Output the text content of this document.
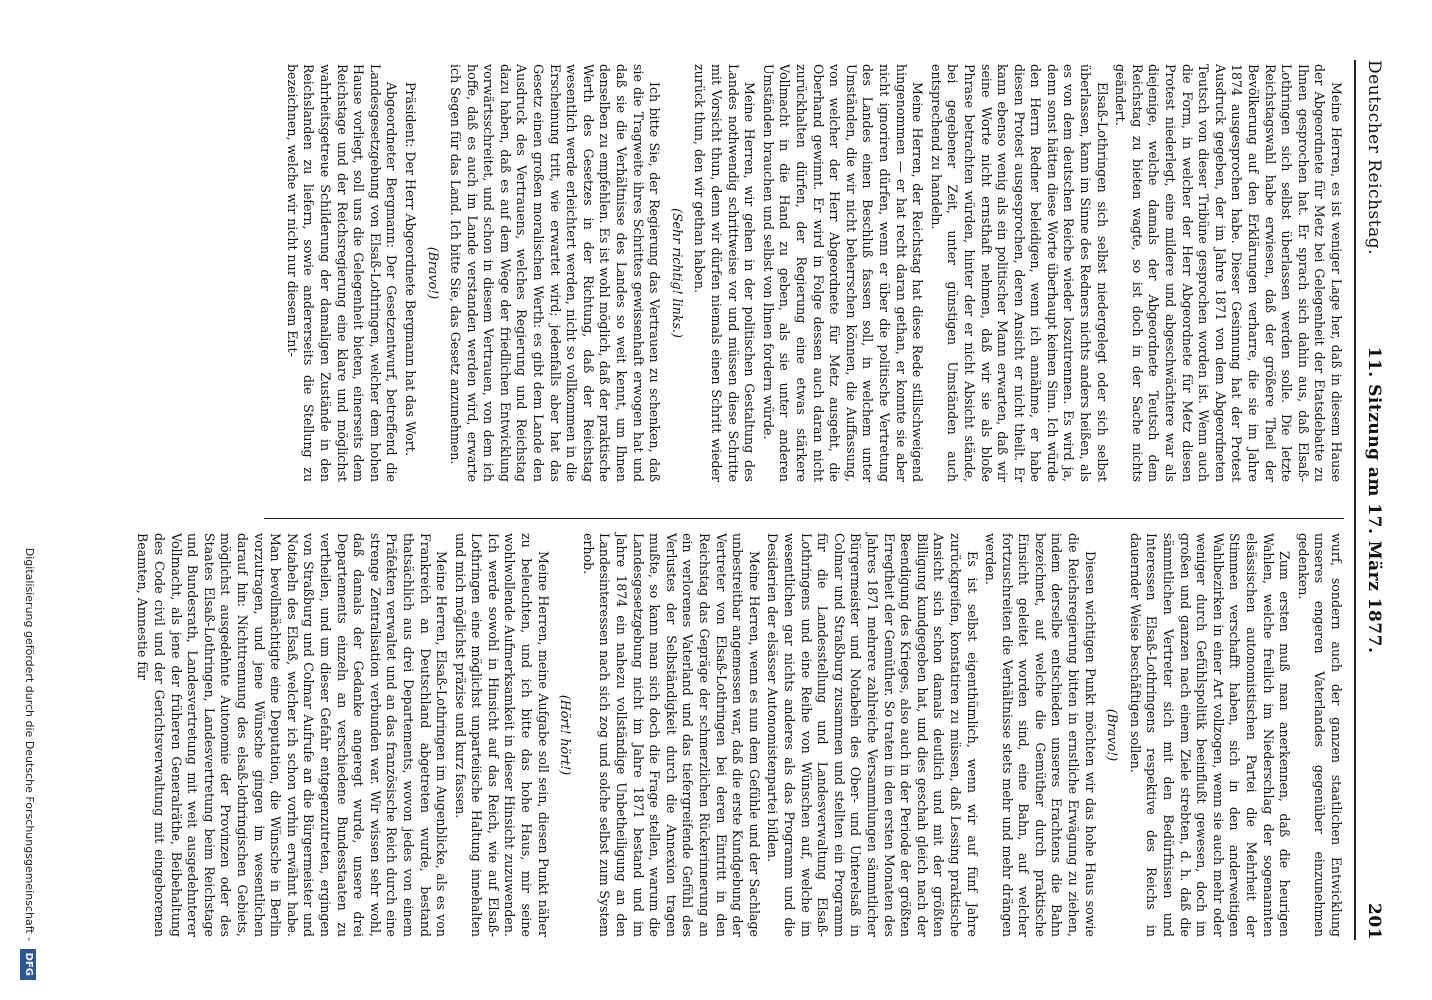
Deutscher Reichstag.
11. Sitzung am 17. März 1877.
201

Meine Herren, es ist weniger Lage her, daß in diesem Hause der Abgeordnete für Metz bei Gelegenheit der Etatsdebatte zu Ihnen gesprochen hat. Er sprach sich dahin aus, daß Elsaß-Lothringen sich selbst überlassen werden solle. Die letzte Reichstagswahl habe erwiesen, daß der größere Theil der Bevölkerung auf den Erklärungen verharre, die sie im Jahre 1874 ausgesprochen habe. Dieser Gesinnung hat der Protest Ausdruck gegeben, der im Jahre 1871 von dem Abgeordneten Teutsch von dieser Tribüne gesprochen worden ist. Wenn auch die Form, in welcher der Herr Abgeordnete für Metz diesen Protest niederlegt, eine mildere und abgeschwächtere war als diejenige, welche damals der Abgeordnete Teutsch dem Reichstag zu bieten wagte, so ist doch in der Sache nichts geändert.

Elsaß-Lothringen sich selbst niedergelegt oder sich selbst überlassen, kann im Sinne des Redners nichts anders heißen, als es von dem deutschen Reiche wieder loszutrennen. Es wird ja, denn sonst hätten diese Worte überhaupt keinen Sinn. Ich würde den Herrn Redner beleidigen, wenn ich annähme, er habe diesen Protest ausgesprochen, deren Ansicht er nicht theilt. Er kann ebenso wenig als ein politischer Mann erwarten, daß wir seine Worte nicht ernsthaft nehmen, daß wir sie als bloße Phrase betrachten würden, hinter der er nicht Absicht stände, bei gegebener Zeit, unter günstigen Umständen auch entsprechend zu handeln.

Meine Herren, der Reichstag hat diese Rede stillschweigend hingenommen — er hat recht daran gethan, er konnte sie aber nicht ignoriren dürfen, wenn er über die politische Vertretung des Landes einen Beschluß fassen soll, in welchem unter Umständen, die wir nicht beherrschen können, die Auffassung, von welcher der Herr Abgeordnete für Metz ausgeht, die Oberhand gewinnt. Er wird in Folge dessen auch daran nicht zurückhalten dürfen, der Regierung eine etwas stärkere Vollmacht in die Hand zu geben, als sie unter anderen Umständen brauchen und selbst von Ihnen fordern würde.

Meine Herren, wir gehen in der politischen Gestaltung des Landes nothwendig schrittweise vor und müssen diese Schritte mit Vorsicht thun, denn wir dürfen niemals einen Schritt wieder zurück thun, den wir gethan haben.

(Sehr richtig! links.)

Ich bitte Sie, der Regierung das Vertrauen zu schenken, daß sie die Tragweite ihres Schrittes gewissenhaft erwogen hat und daß sie die Verhältnisse des Landes so weit kennt, um Ihnen denselben zu empfehlen. Es ist wohl möglich, daß der praktische Werth des Gesetzes in der Richtung, daß der Reichstag wesentlich werde erleichtert werden, nicht so vollkommen in die Erscheinung tritt, wie erwartet wird; jedenfalls aber hat das Gesetz einen großen moralischen Werth: es gibt dem Lande den Ausdruck des Vertrauens, welches Regierung und Reichstag dazu haben, daß es auf dem Wege der friedlichen Entwicklung vorwärtsschreitet, und schon in diesem Vertrauen, von dem ich hoffe, daß es auch im Lande verstanden werden wird, erwarte ich Segen für das Land. Ich bitte Sie, das Gesetz anzunehmen.

(Bravo!)

Präsident: Der Herr Abgeordnete Bergmann hat das Wort.

Abgeordneter Bergmann: Der Gesetzentwurf, betreffend die Landesgesetzgebung von Elsaß-Lothringen, welcher dem hohen Hause vorliegt, soll uns die Gelegenheit bieten, einerseits dem Reichstage und der Reichsregierung eine klare und möglichst wahrheitsgetreue Schilderung der damaligen Zustände in den Reichslanden zu liefern, sowie andererseits die Stellung zu bezeichnen, welche wir nicht nur diesem Ent-

wurf, sondern auch der ganzen staatlichen Entwicklung unseres engeren Vaterlandes gegenüber einzunehmen gedenken.

Zum ersten muß man anerkennen, daß die heurigen Wahlen, welche freilich im Niederschlag der sogenannten elsässischen autonomistischen Partei die Mehrheit der Stimmen verschafft haben, sich in den anderweitigen Wahlbezirken in einer Art vollzogen, wenn sie auch mehr oder weniger durch Gefühlspolitik beeinflußt gewesen, doch im großen und ganzen nach einem Ziele strebten, d. h. daß die sämmtlichen Vertreter sich mit den Bedürfnissen und Interessen Elsaß-Lothringens respektive des Reichs in dauernder Weise beschäftigen sollen.

(Bravo!)

Diesen wichtigen Punkt möchten wir das hohe Haus sowie die Reichsregierung bitten in ernstliche Erwägung zu ziehen, indem derselbe entschieden unseres Erachtens die Bahn bezeichnet, auf welche die Gemüther durch praktische Einsicht geleitet worden sind, eine Bahn, auf welcher fortzuschreiten die Verhältnisse stets mehr und mehr drängen werden.

Es ist selbst eigenthümlich, wenn wir auf fünf Jahre zurückgreifen, konstatiren zu müssen, daß Lessing praktische Ansicht sich schon damals deutlich und mit der größten Billigung kundgegeben hat, und dies geschah gleich nach der Beendigung des Krieges, also auch in der Periode der größten Erregtheit der Gemüther. So traten in den ersten Monaten des Jahres 1871 mehrere zahlreiche Versammlungen sämmtlicher Bürgermeister und Notabeln des Ober- und Unterelsaß in Colmar und Straßburg zusammen und stellten ein Programm für die Landesstellung und Landesverwaltung Elsaß-Lothringens und eine Reihe von Wünschen auf, welche im wesentlichen gar nichts anderes als das Programm und die Desiderien der elsässer Autonomistenpartei bilden.

Meine Herren, wenn es nun dem Gefühle und der Sachlage unbestreitbar angemessen war, daß die erste Kundgebung der Vertreter von Elsaß-Lothringen bei deren Eintritt in den Reichstag das Gepräge der schmerzlichen Rückerinnerung an ein verlorenes Vaterland und das tiefergreifende Gefühl des Verlustes der Selbständigkeit durch die Annexion tragen mußte, so kann man sich doch die Frage stellen, warum die Landesgesetzgebung nicht im Jahre 1871 bestand und im Jahre 1874 ein nahezu vollständige Unbetheiligung an den Landesinteressen nach sich zog und solche selbst zum System erhob.

(Hört! hört!)

Meine Herren, meine Aufgabe soll sein, diesen Punkt näher zu beleuchten, und ich bitte das hohe Haus, mir seine wohlwollende Aufmerksamkeit in dieser Hinsicht zuzuwenden. Ich werde sowohl in Hinsicht auf das Reich, wie auf Elsaß-Lothringen eine möglichst unparteiische Haltung innehalten und mich möglichst präzise und kurz fassen.

Meine Herren, Elsaß-Lothringen im Augenblicke, als es von Frankreich an Deutschland abgetreten wurde, bestand thatsächlich aus drei Departements, wovon jedes von einem Präfekten verwaltet und an das französische Reich durch eine strenge Zentralisation verbunden war. Wir wissen sehr wohl, daß damals der Gedanke angeregt wurde, unsere drei Departements einzeln an verschiedene Bundesstaaten zu vertheilen, und um dieser Gefahr entgegenzutreten, ergingen von Straßburg und Colmar Aufrufe an die Bürgermeister und Notabeln des Elsaß, welcher ich schon vorhin erwähnt habe. Man bevollmächtigte eine Deputation, die Wünsche in Berlin vorzutragen, und jene Wünsche gingen im wesentlichen darauf hin: Nichttrennung des elsaß-lothringischen Gebiets, möglichst ausgedehnte Autonomie der Provinzen oder des Staates Elsaß-Lothringen, Landesvertretung beim Reichstage und Bundesrath, Landesvertretung mit weit ausgedehnterer Vollmacht, als jene der früheren Generalräthe, Beibehaltung des Code civil und der Gerichtsverwaltung mit eingeborenen Beamten, Amnestie für

Digitalisierung gefördert durch die Deutsche Forschungsgemeinschaft - DFG
